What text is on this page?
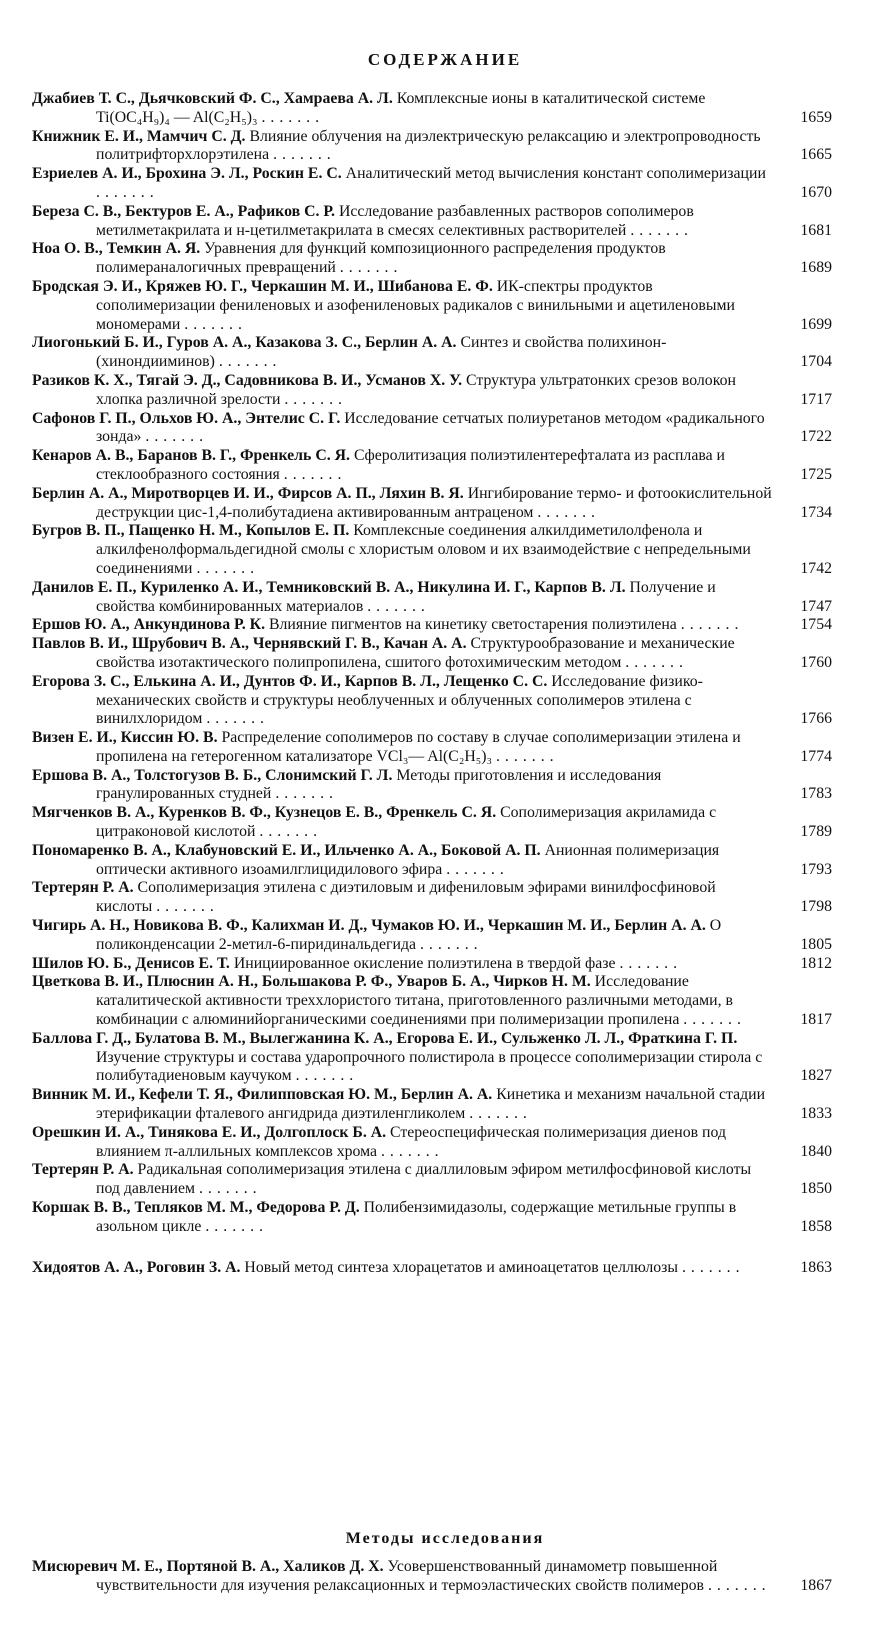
СОДЕРЖАНИЕ
Джабиев Т. С., Дьячковский Ф. С., Хамраева А. Л. Комплексные ионы в каталитической системе Ti(OC₄H₉)₄ — Al(C₂H₅)₃ .......	1659
Книжник Е. И., Мамчич С. Д. Влияние облучения на диэлектрическую релаксацию и электропроводность политрифторхлорэтилена .......	1665
Езриелев А. И., Брохина Э. Л., Роскин Е. С. Аналитический метод вычисления констант сополимеризации .......	1670
Береза С. В., Бектуров Е. А., Рафиков С. Р. Исследование разбавленных растворов сополимеров метилметакрилата и н-цетилметакрилата в смесях селективных растворителей .......	1681
Ноа О. В., Темкин А. Я. Уравнения для функций композиционного распределения продуктов полимераналогичных превращений .......	1689
Бродская Э. И., Кряжев Ю. Г., Черкашин М. И., Шибанова Е. Ф. ИК-спектры продуктов сополимеризации фениленовых и азофениленовых радикалов с винильными и ацетиленовыми мономерами .......	1699
Лиогонький Б. И., Гуров А. А., Казакова З. С., Берлин А. А. Синтез и свойства полихинон-(хинондииминов) .......	1704
Разиков К. Х., Тягай Э. Д., Садовникова В. И., Усманов Х. У. Структура ультратонких срезов волокон хлопка различной зрелости .......	1717
Сафонов Г. П., Ольхов Ю. А., Энтелис С. Г. Исследование сетчатых полиуретанов методом «радикального зонда» .......	1722
Кенаров А. В., Баранов В. Г., Френкель С. Я. Сферолитизация полиэтилентерефталата из расплава и стеклообразного состояния .......	1725
Берлин А. А., Миротворцев И. И., Фирсов А. П., Ляхин В. Я. Ингибирование термо- и фотоокислительной деструкции цис-1,4-полибутадиена активированным антраценом .......	1734
Бугров В. П., Пащенко Н. М., Копылов Е. П. Комплексные соединения алкилдиметилолфенола и алкилфенолформальдегидной смолы с хлористым оловом и их взаимодействие с непредельными соединениями .......	1742
Данилов Е. П., Куриленко А. И., Темниковский В. А., Никулина И. Г., Карпов В. Л. Получение и свойства комбинированных материалов .......	1747
Ершов Ю. А., Анкундинова Р. К. Влияние пигментов на кинетику светостарения полиэтилена .......	1754
Павлов В. И., Шрубович В. А., Чернявский Г. В., Качан А. А. Структурообразование и механические свойства изотактического полипропилена, сшитого фотохимическим методом .......	1760
Егорова З. С., Елькина А. И., Дунтов Ф. И., Карпов В. Л., Лещенко С. С. Исследование физико-механических свойств и структуры необлученных и облученных сополимеров этилена с винилхлоридом .......	1766
Визен Е. И., Киссин Ю. В. Распределение сополимеров по составу в случае сополимеризации этилена и пропилена на гетерогенном катализаторе VCl₃— Al(C₂H₅)₃ .......	1774
Ершова В. А., Толстогузов В. Б., Слонимский Г. Л. Методы приготовления и исследования гранулированных студней .......	1783
Мягченков В. А., Куренков В. Ф., Кузнецов Е. В., Френкель С. Я. Сополимеризация акриламида с цитраконовой кислотой .......	1789
Пономаренко В. А., Клабуновский Е. И., Ильченко А. А., Боковой А. П. Анионная полимеризация оптически активного изоамилглицидилового эфира .......	1793
Тертерян Р. А. Сополимеризация этилена с диэтиловым и дифениловым эфирами винилфосфиновой кислоты .......	1798
Чигирь А. Н., Новикова В. Ф., Калихман И. Д., Чумаков Ю. И., Черкашин М. И., Берлин А. А. О поликонденсации 2-метил-6-пиридинальдегида .......	1805
Шилов Ю. Б., Денисов Е. Т. Инициированное окисление полиэтилена в твердой фазе .......	1812
Цветкова В. И., Плюснин А. Н., Большакова Р. Ф., Уваров Б. А., Чирков Н. М. Исследование каталитической активности треххлористого титана, приготовленного различными методами, в комбинации с алюминийорганическими соединениями при полимеризации пропилена .......	1817
Баллова Г. Д., Булатова В. М., Вылегжанина К. А., Егорова Е. И., Сульженко Л. Л., Фраткина Г. П. Изучение структуры и состава ударопрочного полистирола в процессе сополимеризации стирола с полибутадиеновым каучуком .......	1827
Винник М. И., Кефели Т. Я., Филипповская Ю. М., Берлин А. А. Кинетика и механизм начальной стадии этерификации фталевого ангидрида диэтиленгликолем .......	1833
Орешкин И. А., Тинякова Е. И., Долгоплоск Б. А. Стереоспецифическая полимеризация диенов под влиянием π-аллильных комплексов хрома .......	1840
Тертерян Р. А. Радикальная сополимеризация этилена с диаллиловым эфиром метилфосфиновой кислоты под давлением .......	1850
Коршак В. В., Тепляков М. М., Федорова Р. Д. Полибензимидазолы, содержащие метильные группы в азольном цикле .......	1858
Хидоятов А. А., Роговин З. А. Новый метод синтеза хлорацетатов и аминоацетатов целлюлозы .......	1863
Методы исследования
Мисюревич М. Е., Портяной В. А., Халиков Д. Х. Усовершенствованный динамометр повышенной чувствительности для изучения релаксационных и термоэластических свойств полимеров .......	1867
